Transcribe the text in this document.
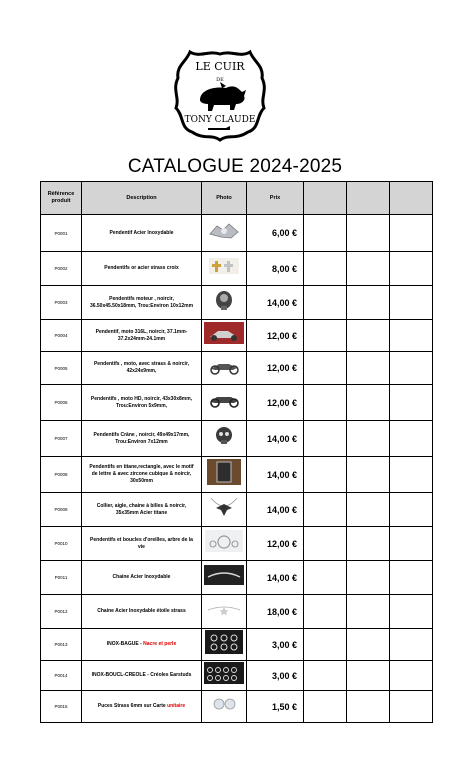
LE CUIR
DE
TONY CLAUDE
CATALOGUE 2024-2025
Référence produit	Description	Photo	Prix			
P0001	Pendentif Acier Inoxydable		6,00 €			
P0002	Pendentifs or acier strass croix		8,00 €			
P0003	Pendentifs moteur , noircir, 36.50x45.50x18mm, Trou:Environ 10x12mm		14,00 €			
P0004	Pendentif, moto 316L, noircir, 37.1mm-37.2x24mm-24.1mm		12,00 €			
P0005	Pendentifs , moto, avec strass & noircir, 42x24x9mm,		12,00 €			
P0006	Pendentifs , moto HD, noircir, 43x30x8mm, Trou:Environ 5x9mm,		12,00 €			
P0007	Pendentifs Crâne , noircir, 49x49x17mm, Trou:Environ 7x12mm		14,00 €			
P0008	Pendentifs en titane,rectangle, avec le motif de lettre & avec zircone cubique & noircir, 30x50mm		14,00 €			
P0009	Collier, aigle, chaine à billes & noircir, 35x35mm Acier titane		14,00 €			
P0010	Pendentifs et boucles d'oreilles, arbre de la vie		12,00 €			
P0011	Chaine Acier Inoxydable		14,00 €			
P0012	Chaine Acier Inoxydable étoile strass		18,00 €			
P0013	INOX-BAGUE - Nacre et perle		3,00 €			
P0014	INOX-BOUCL-CREOLE - Créoles Earstuds		3,00 €			
P0015	Puces Strass 6mm sur Carte unitaire		1,50 €			
